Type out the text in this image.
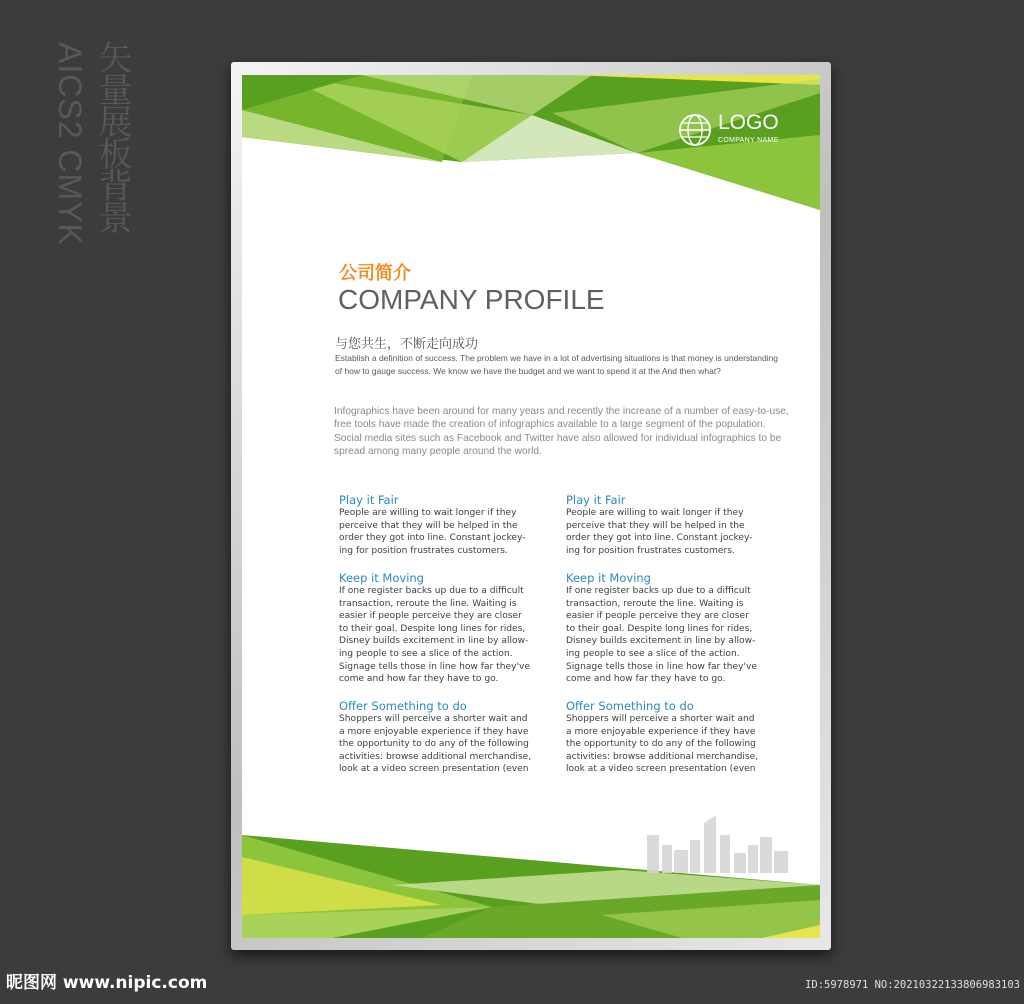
矢量展板背景
AICS2 CMYK	LOGO
COMPANY NAME
公司简介
COMPANY PROFILE
与您共生，不断走向成功
Establish a definition of success. The problem we have in a lot of advertising situations is that money is understanding of how to gauge success. We know we have the budget and we want to spend it at the And then what?
Infographics have been around for many years and recently the increase of a number of easy-to-use, free tools have made the creation of infographics available to a large segment of the population. Social media sites such as Facebook and Twitter have also allowed for individual infographics to be spread among many people around the world.
Play it Fair
People are willing to wait longer if they
perceive that they will be helped in the
order they got into line. Constant jockey-
ing for position frustrates customers.
Keep it Moving
If one register backs up due to a difficult
transaction, reroute the line. Waiting is
easier if people perceive they are closer
to their goal. Despite long lines for rides,
Disney builds excitement in line by allow-
ing people to see a slice of the action.
Signage tells those in line how far they've
come and how far they have to go.
Offer Something to do
Shoppers will perceive a shorter wait and
a more enjoyable experience if they have
the opportunity to do any of the following
activities: browse additional merchandise,
look at a video screen presentation (even
Play it Fair
People are willing to wait longer if they
perceive that they will be helped in the
order they got into line. Constant jockey-
ing for position frustrates customers.
Keep it Moving
If one register backs up due to a difficult
transaction, reroute the line. Waiting is
easier if people perceive they are closer
to their goal. Despite long lines for rides,
Disney builds excitement in line by allow-
ing people to see a slice of the action.
Signage tells those in line how far they've
come and how far they have to go.
Offer Something to do
Shoppers will perceive a shorter wait and
a more enjoyable experience if they have
the opportunity to do any of the following
activities: browse additional merchandise,
look at a video screen presentation (even
昵图网 www.nipic.com	ID:5978971 NO:20210322133806983103
